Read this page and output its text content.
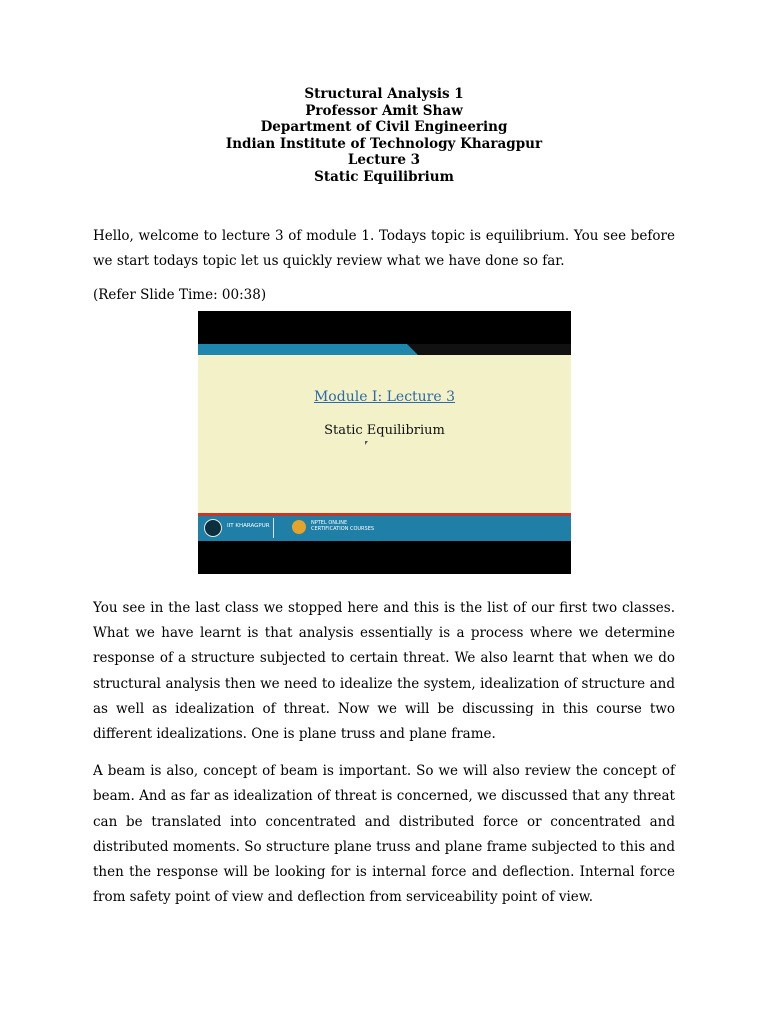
Structural Analysis 1
Professor Amit Shaw
Department of Civil Engineering
Indian Institute of Technology Kharagpur
Lecture 3
Static Equilibrium

Hello, welcome to lecture 3 of module 1. Todays topic is equilibrium. You see before we start todays topic let us quickly review what we have done so far.

(Refer Slide Time: 00:38)

Module I: Lecture 3
Static Equilibrium
IIT KHARAGPUR	NPTEL ONLINE
CERTIFICATION COURSES

You see in the last class we stopped here and this is the list of our first two classes. What we have learnt is that analysis essentially is a process where we determine response of a structure subjected to certain threat. We also learnt that when we do structural analysis then we need to idealize the system, idealization of structure and as well as idealization of threat. Now we will be discussing in this course two different idealizations. One is plane truss and plane frame.

A beam is also, concept of beam is important. So we will also review the concept of beam. And as far as idealization of threat is concerned, we discussed that any threat can be translated into concentrated and distributed force or concentrated and distributed moments. So structure plane truss and plane frame subjected to this and then the response will be looking for is internal force and deflection. Internal force from safety point of view and deflection from serviceability point of view.
